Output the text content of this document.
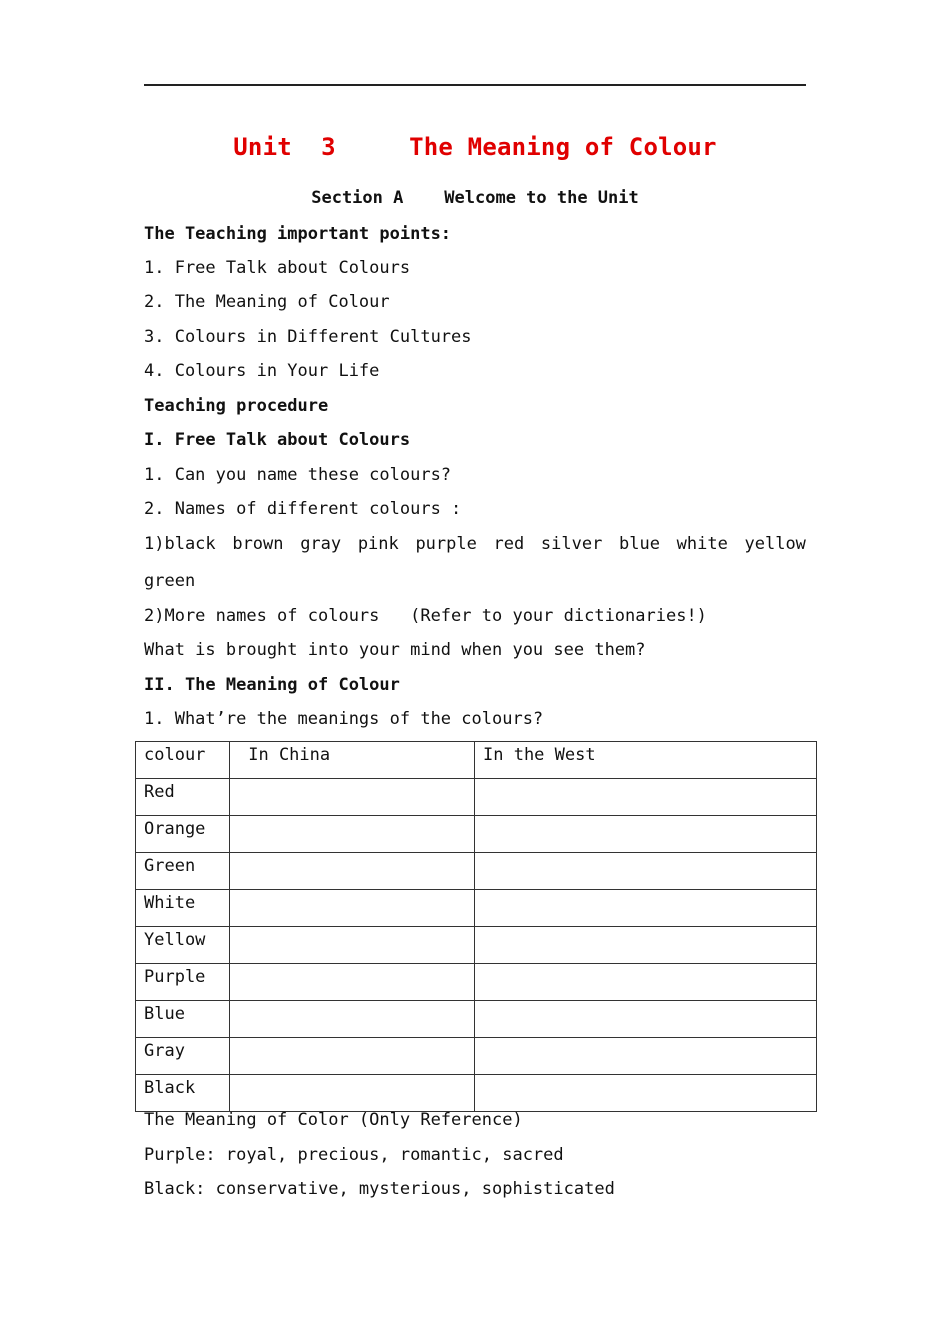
Unit  3     The Meaning of Colour
Section A    Welcome to the Unit
The Teaching important points:
1. Free Talk about Colours
2. The Meaning of Colour
3. Colours in Different Cultures
4. Colours in Your Life
Teaching procedure
I. Free Talk about Colours
1. Can you name these colours?
2. Names of different colours :
1)black brown gray pink purple red silver blue white yellow
green
2)More names of colours   (Refer to your dictionaries!)
What is brought into your mind when you see them?
II. The Meaning of Colour
1. What’re the meanings of the colours?
colour	In China	In the West
Red		
Orange		
Green		
White		
Yellow		
Purple		
Blue		
Gray		
Black		
The Meaning of Color (Only Reference)
Purple: royal, precious, romantic, sacred
Black: conservative, mysterious, sophisticated
